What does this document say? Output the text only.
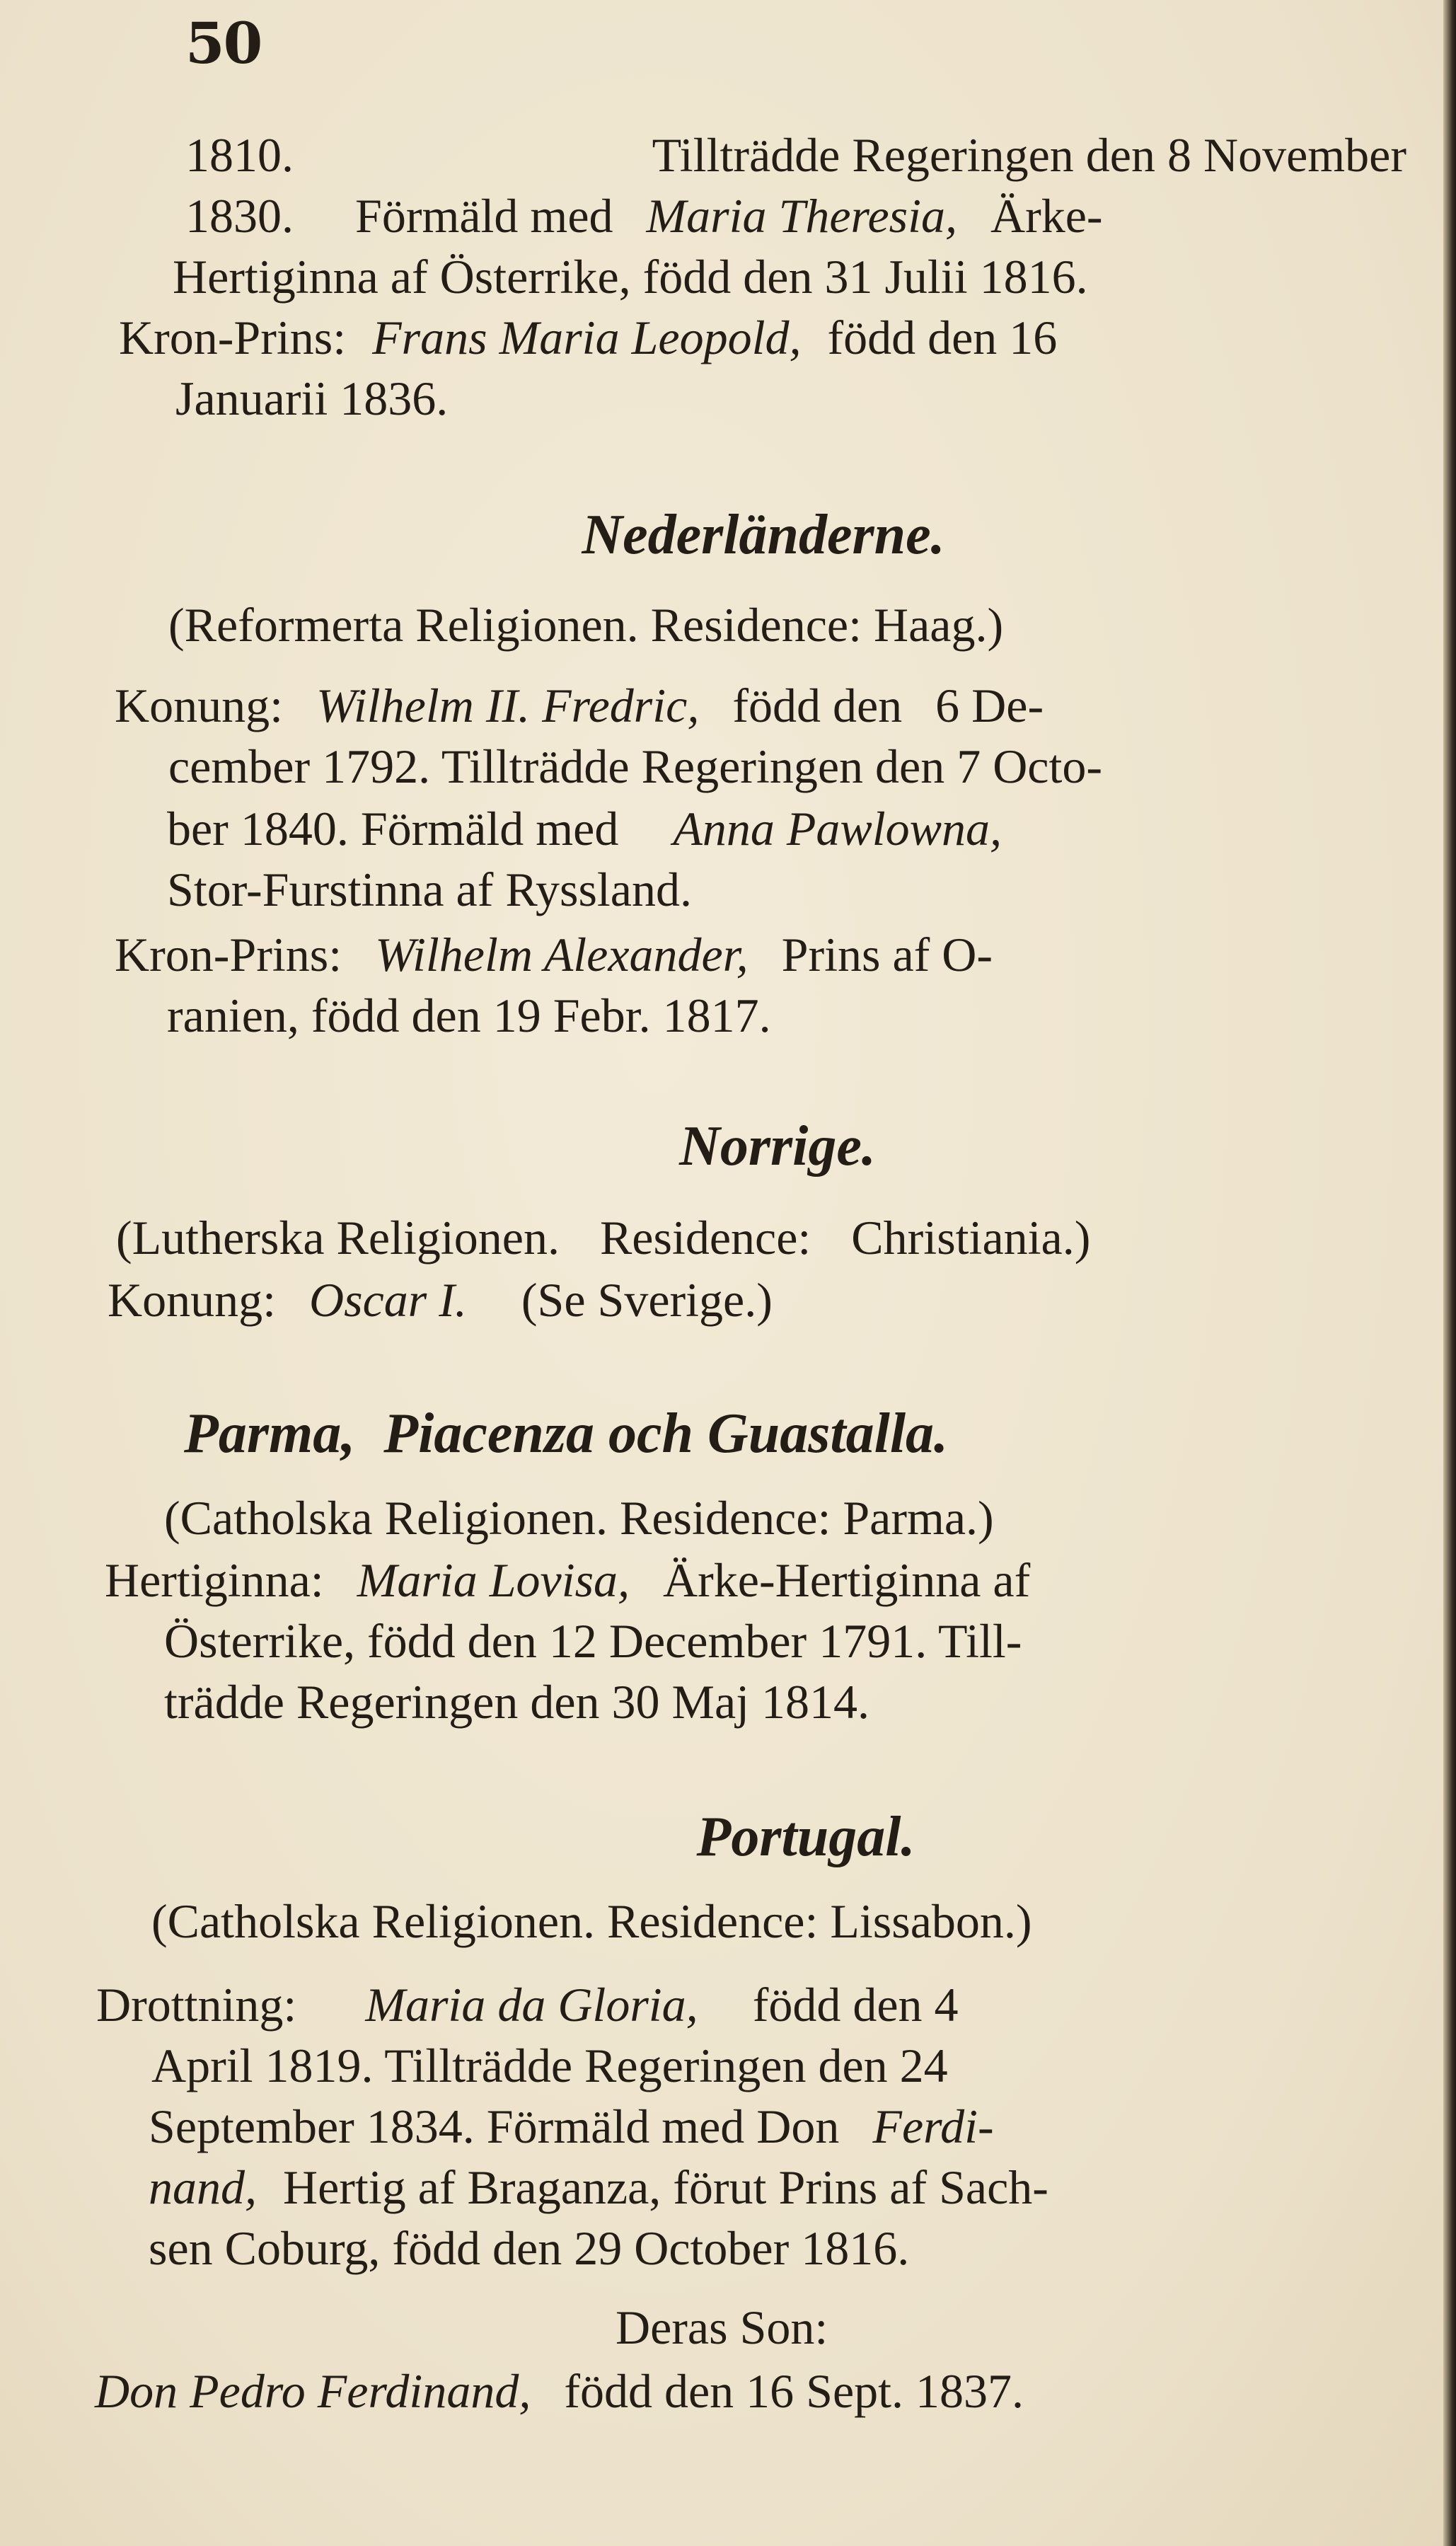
50
1810.	Tillträdde Regeringen den 8 November
1830. Förmäld med Maria Theresia, Ärke-
Hertiginna af Österrike, född den 31 Julii 1816.
Kron-Prins: Frans Maria Leopold, född den 16
Januarii 1836.
Nederländerne.
(Reformerta Religionen. Residence: Haag.)
Konung: Wilhelm II. Fredric, född den 6 De-
cember 1792. Tillträdde Regeringen den 7 Octo-
ber 1840. Förmäld med Anna Pawlowna,
Stor-Furstinna af Ryssland.
Kron-Prins: Wilhelm Alexander, Prins af O-
ranien, född den 19 Febr. 1817.
Norrige.
(Lutherska Religionen. Residence: Christiania.)
Konung: Oscar I. (Se Sverige.)
Parma, Piacenza och Guastalla.
(Catholska Religionen. Residence: Parma.)
Hertiginna: Maria Lovisa, Ärke-Hertiginna af
Österrike, född den 12 December 1791. Till-
trädde Regeringen den 30 Maj 1814.
Portugal.
(Catholska Religionen. Residence: Lissabon.)
Drottning: Maria da Gloria, född den 4
April 1819. Tillträdde Regeringen den 24
September 1834. Förmäld med Don Ferdi-
nand, Hertig af Braganza, förut Prins af Sach-
sen Coburg, född den 29 October 1816.
Deras Son:
Don Pedro Ferdinand, född den 16 Sept. 1837.
